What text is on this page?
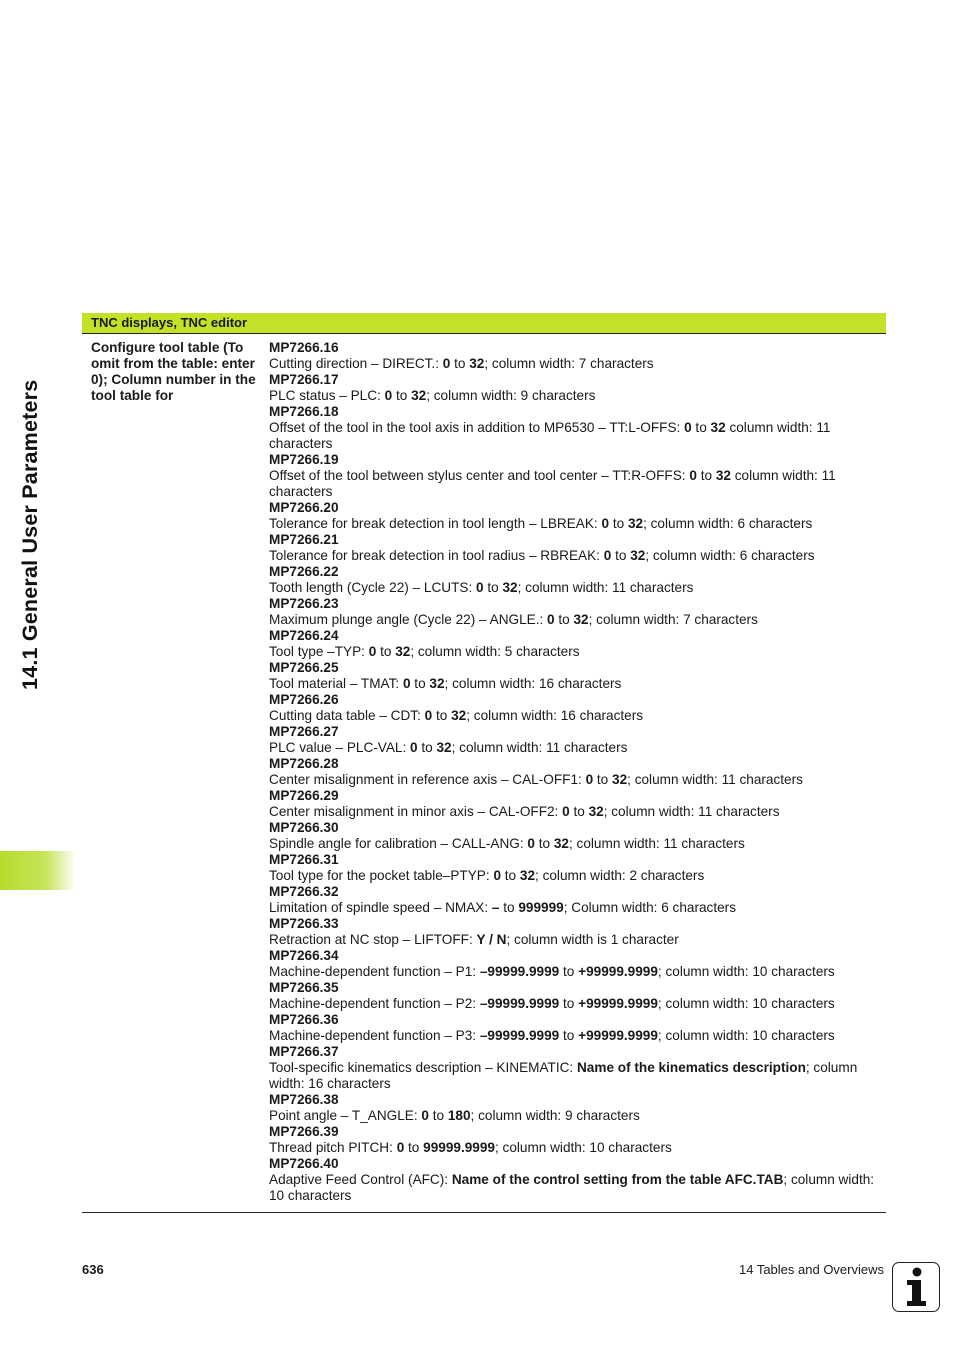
14.1 General User Parameters
TNC displays, TNC editor
Configure tool table (To omit from the table: enter 0); Column number in the tool table for
MP7266.16
Cutting direction – DIRECT.: 0 to 32; column width: 7 characters
MP7266.17
PLC status – PLC: 0 to 32; column width: 9 characters
MP7266.18
Offset of the tool in the tool axis in addition to MP6530 – TT:L-OFFS: 0 to 32 column width: 11 characters
MP7266.19
Offset of the tool between stylus center and tool center – TT:R-OFFS: 0 to 32 column width: 11 characters
MP7266.20
Tolerance for break detection in tool length – LBREAK: 0 to 32; column width: 6 characters
MP7266.21
Tolerance for break detection in tool radius – RBREAK: 0 to 32; column width: 6 characters
MP7266.22
Tooth length (Cycle 22) – LCUTS: 0 to 32; column width: 11 characters
MP7266.23
Maximum plunge angle (Cycle 22) – ANGLE.: 0 to 32; column width: 7 characters
MP7266.24
Tool type –TYP: 0 to 32; column width: 5 characters
MP7266.25
Tool material – TMAT: 0 to 32; column width: 16 characters
MP7266.26
Cutting data table – CDT: 0 to 32; column width: 16 characters
MP7266.27
PLC value – PLC-VAL: 0 to 32; column width: 11 characters
MP7266.28
Center misalignment in reference axis – CAL-OFF1: 0 to 32; column width: 11 characters
MP7266.29
Center misalignment in minor axis – CAL-OFF2: 0 to 32; column width: 11 characters
MP7266.30
Spindle angle for calibration – CALL-ANG: 0 to 32; column width: 11 characters
MP7266.31
Tool type for the pocket table–PTYP: 0 to 32; column width: 2 characters
MP7266.32
Limitation of spindle speed – NMAX: – to 999999; Column width: 6 characters
MP7266.33
Retraction at NC stop – LIFTOFF: Y / N; column width is 1 character
MP7266.34
Machine-dependent function – P1: –99999.9999 to +99999.9999; column width: 10 characters
MP7266.35
Machine-dependent function – P2: –99999.9999 to +99999.9999; column width: 10 characters
MP7266.36
Machine-dependent function – P3: –99999.9999 to +99999.9999; column width: 10 characters
MP7266.37
Tool-specific kinematics description – KINEMATIC: Name of the kinematics description; column width: 16 characters
MP7266.38
Point angle – T_ANGLE: 0 to 180; column width: 9 characters
MP7266.39
Thread pitch PITCH: 0 to 99999.9999; column width: 10 characters
MP7266.40
Adaptive Feed Control (AFC): Name of the control setting from the table AFC.TAB; column width: 10 characters
636	14 Tables and Overviews
